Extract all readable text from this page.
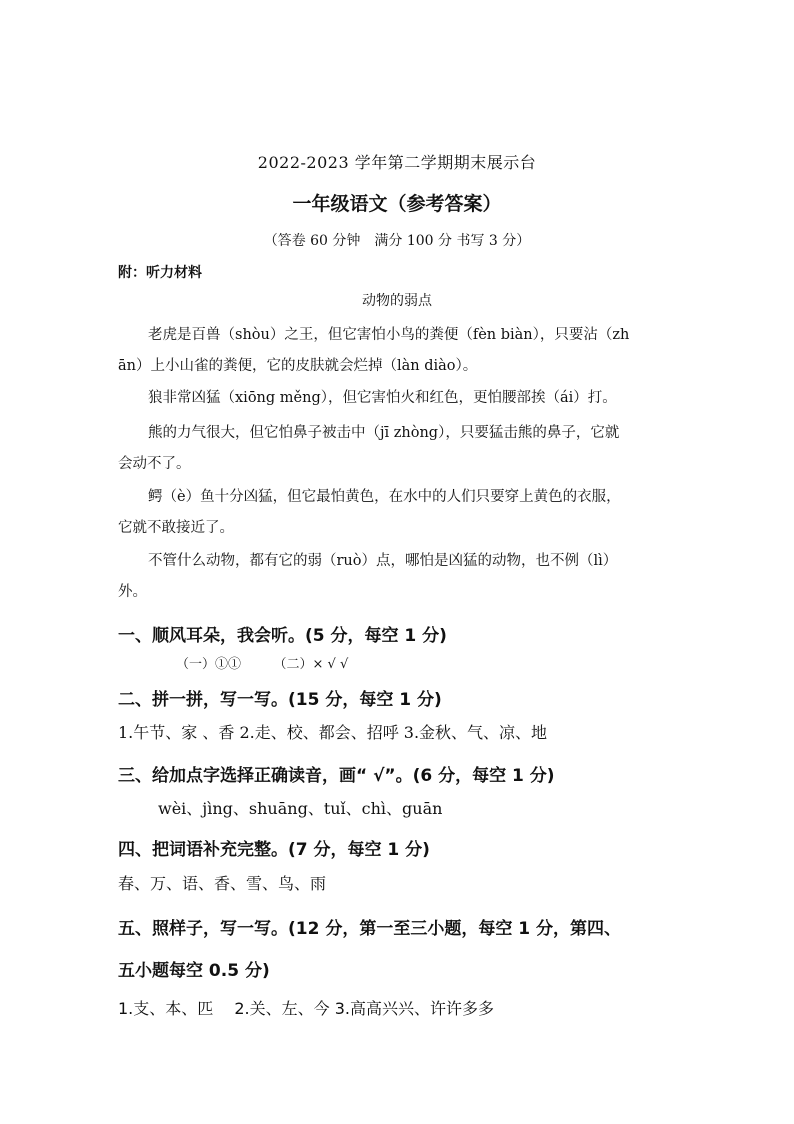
2022-2023 学年第二学期期末展示台
一年级语文（参考答案）
（答卷 60 分钟　满分 100 分 书写 3 分）
附：听力材料
动物的弱点
老虎是百兽（shòu）之王，但它害怕小鸟的粪便（fèn biàn），只要沾（zh
ān）上小山雀的粪便，它的皮肤就会烂掉（làn diào）。
狼非常凶猛（xiōng měng），但它害怕火和红色，更怕腰部挨（ái）打。
熊的力气很大，但它怕鼻子被击中（jī zhòng），只要猛击熊的鼻子，它就
会动不了。
鳄（è）鱼十分凶猛，但它最怕黄色，在水中的人们只要穿上黄色的衣服，
它就不敢接近了。
不管什么动物，都有它的弱（ruò）点，哪怕是凶猛的动物，也不例（lì）
外。
一、顺风耳朵，我会听。(5 分，每空 1 分)
（一）①①　　　（二）× √ √
二、拼一拼，写一写。(15 分，每空 1 分)
1.午节、家 、香 2.走、校、都会、招呼 3.金秋、气、凉、地
三、给加点字选择正确读音，画“ √”。(6 分，每空 1 分)
wèi、jìng、shuāng、tuǐ、chì、guān
四、把词语补充完整。(7 分，每空 1 分)
春、万、语、香、雪、鸟、雨
五、照样子，写一写。(12 分，第一至三小题，每空 1 分，第四、
五小题每空 0.5 分)
1.支、本、匹　 2.关、左、今 3.高高兴兴、许许多多
